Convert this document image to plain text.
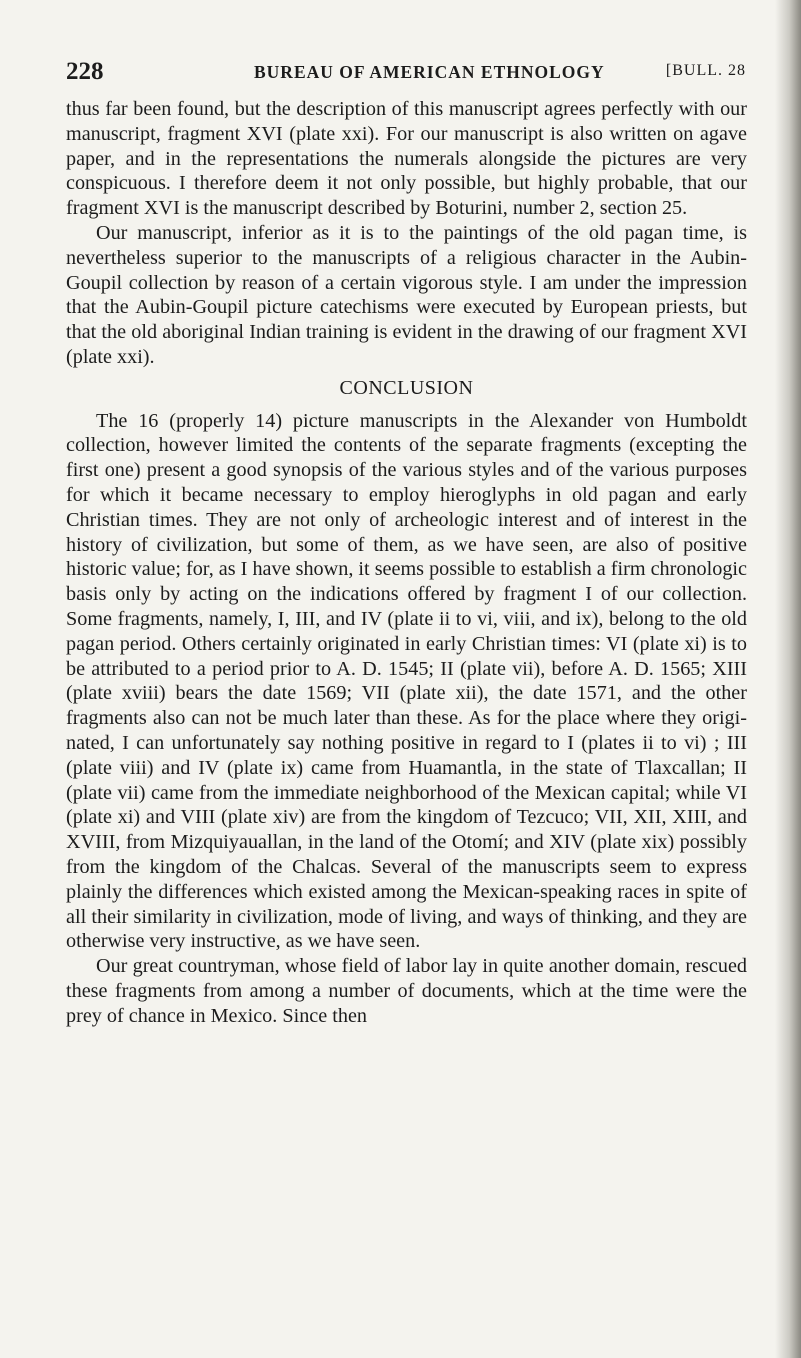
228	BUREAU OF AMERICAN ETHNOLOGY	[BULL. 28

thus far been found, but the description of this manuscript agrees perfectly with our manuscript, fragment XVI (plate xxi). For our manuscript is also written on agave paper, and in the representations the numerals alongside the pictures are very conspicuous. I therefore deem it not only possible, but highly probable, that our fragment XVI is the manuscript described by Boturini, number 2, section 25.

Our manuscript, inferior as it is to the paintings of the old pagan time, is nevertheless superior to the manuscripts of a religious character in the Aubin-Goupil collection by reason of a certain vigorous style. I am under the impression that the Aubin-Goupil picture catechisms were executed by European priests, but that the old aboriginal Indian training is evident in the drawing of our fragment XVI (plate xxi).

CONCLUSION

The 16 (properly 14) picture manuscripts in the Alexander von Humboldt collection, however limited the contents of the separate fragments (excepting the first one) present a good synopsis of the various styles and of the various purposes for which it became necessary to employ hieroglyphs in old pagan and early Christian times. They are not only of archeologic interest and of interest in the history of civilization, but some of them, as we have seen, are also of positive historic value; for, as I have shown, it seems possible to establish a firm chronologic basis only by acting on the indications offered by fragment I of our collection. Some fragments, namely, I, III, and IV (plate ii to vi, viii, and ix), belong to the old pagan period. Others certainly originated in early Christian times: VI (plate xi) is to be attributed to a period prior to A. D. 1545; II (plate vii), before A. D. 1565; XIII (plate xviii) bears the date 1569; VII (plate xii), the date 1571, and the other fragments also can not be much later than these. As for the place where they originated, I can unfortunately say nothing positive in regard to I (plates ii to vi) ; III (plate viii) and IV (plate ix) came from Huamantla, in the state of Tlaxcallan; II (plate vii) came from the immediate neighborhood of the Mexican capital; while VI (plate xi) and VIII (plate xiv) are from the kingdom of Tezcuco; VII, XII, XIII, and XVIII, from Mizquiyauallan, in the land of the Otomí; and XIV (plate xix) possibly from the kingdom of the Chalcas. Several of the manuscripts seem to express plainly the differences which existed among the Mexican-speaking races in spite of all their similarity in civilization, mode of living, and ways of thinking, and they are otherwise very instructive, as we have seen.

Our great countryman, whose field of labor lay in quite another domain, rescued these fragments from among a number of documents, which at the time were the prey of chance in Mexico. Since then
